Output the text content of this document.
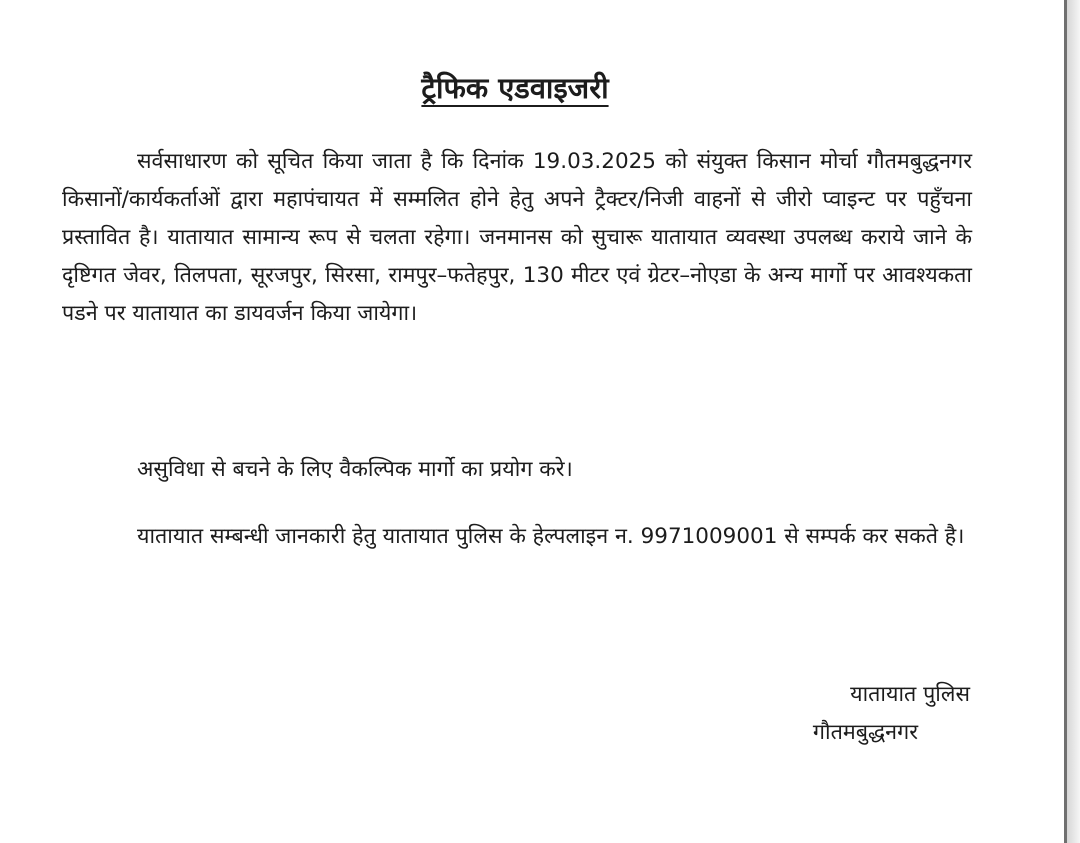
ट्रैफिक एडवाइजरी

सर्वसाधारण को सूचित किया जाता है कि दिनांक 19.03.2025 को संयुक्त किसान मोर्चा गौतमबुद्धनगर किसानों/कार्यकर्ताओं द्वारा महापंचायत में सम्मलित होने हेतु अपने ट्रैक्टर/निजी वाहनों से जीरो प्वाइन्ट पर पहुँचना प्रस्तावित है। यातायात सामान्य रूप से चलता रहेगा। जनमानस को सुचारू यातायात व्यवस्था उपलब्ध कराये जाने के दृष्टिगत जेवर, तिलपता, सूरजपुर, सिरसा, रामपुर–फतेहपुर, 130 मीटर एवं ग्रेटर–नोएडा के अन्य मार्गो पर आवश्यकता पडने पर यातायात का डायवर्जन किया जायेगा।

असुविधा से बचने के लिए वैकल्पिक मार्गो का प्रयोग करे।

यातायात सम्बन्धी जानकारी हेतु यातायात पुलिस के हेल्पलाइन न. 9971009001 से सम्पर्क कर सकते है।

यातायात पुलिस
गौतमबुद्धनगर
